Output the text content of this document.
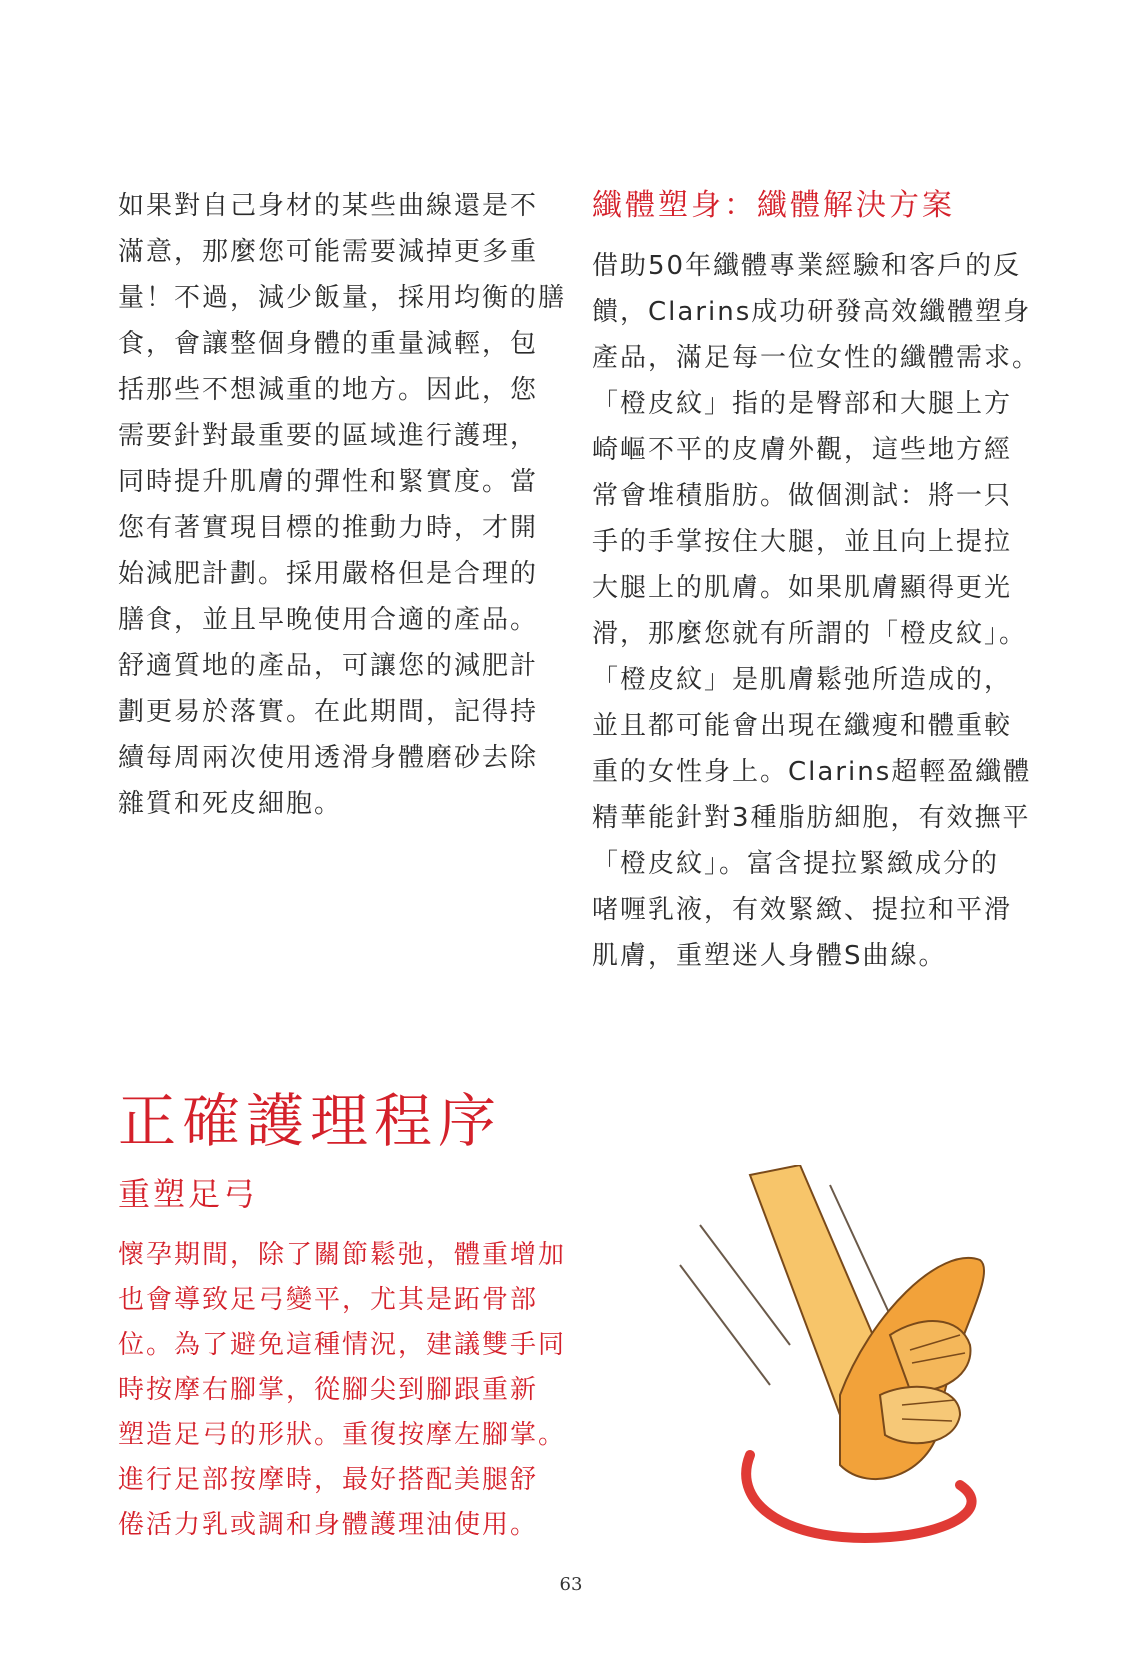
如果對自己身材的某些曲線還是不
滿意，那麼您可能需要減掉更多重
量！不過，減少飯量，採用均衡的膳
食，會讓整個身體的重量減輕，包
括那些不想減重的地方。因此，您
需要針對最重要的區域進行護理，
同時提升肌膚的彈性和緊實度。當
您有著實現目標的推動力時，才開
始減肥計劃。採用嚴格但是合理的
膳食，並且早晚使用合適的產品。
舒適質地的產品，可讓您的減肥計
劃更易於落實。在此期間，記得持
續每周兩次使用透滑身體磨砂去除
雜質和死皮細胞。
纖體塑身：纖體解決方案
借助50年纖體專業經驗和客戶的反
饋，Clarins成功研發高效纖體塑身
產品，滿足每一位女性的纖體需求。
「橙皮紋」指的是臀部和大腿上方
崎嶇不平的皮膚外觀，這些地方經
常會堆積脂肪。做個測試：將一只
手的手掌按住大腿，並且向上提拉
大腿上的肌膚。如果肌膚顯得更光
滑，那麼您就有所謂的「橙皮紋」。
「橙皮紋」是肌膚鬆弛所造成的，
並且都可能會出現在纖瘦和體重較
重的女性身上。Clarins超輕盈纖體
精華能針對3種脂肪細胞，有效撫平
「橙皮紋」。富含提拉緊緻成分的
啫喱乳液，有效緊緻、提拉和平滑
肌膚，重塑迷人身體S曲線。
正確護理程序
重塑足弓
懷孕期間，除了關節鬆弛，體重增加
也會導致足弓變平，尤其是跖骨部
位。為了避免這種情況，建議雙手同
時按摩右腳掌，從腳尖到腳跟重新
塑造足弓的形狀。重復按摩左腳掌。
進行足部按摩時，最好搭配美腿舒
倦活力乳或調和身體護理油使用。
63
